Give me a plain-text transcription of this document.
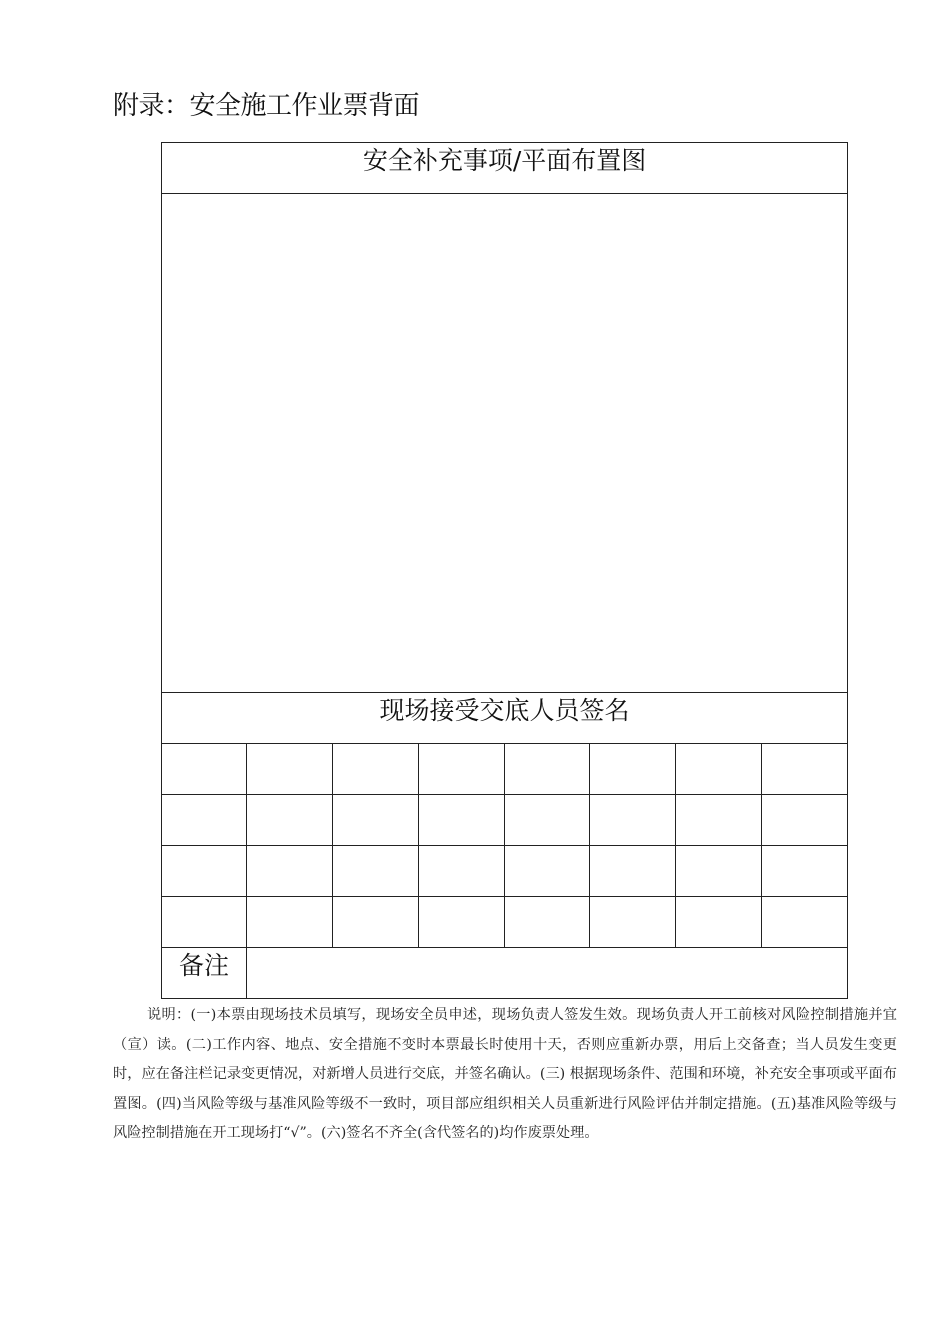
附录：安全施工作业票背面
安全补充事项/平面布置图							

现场接受交底人员签名							

备注							

说明：(一)本票由现场技术员填写，现场安全员申述，现场负责人签发生效。现场负责人开工前核对风险控制措施并宜（宣）读。(二)工作内容、地点、安全措施不变时本票最长时使用十天，否则应重新办票，用后上交备查；当人员发生变更时，应在备注栏记录变更情况，对新增人员进行交底，并签名确认。(三) 根据现场条件、范围和环境，补充安全事项或平面布置图。(四)当风险等级与基准风险等级不一致时，项目部应组织相关人员重新进行风险评估并制定措施。(五)基准风险等级与风险控制措施在开工现场打“√”。(六)签名不齐全(含代签名的)均作废票处理。
